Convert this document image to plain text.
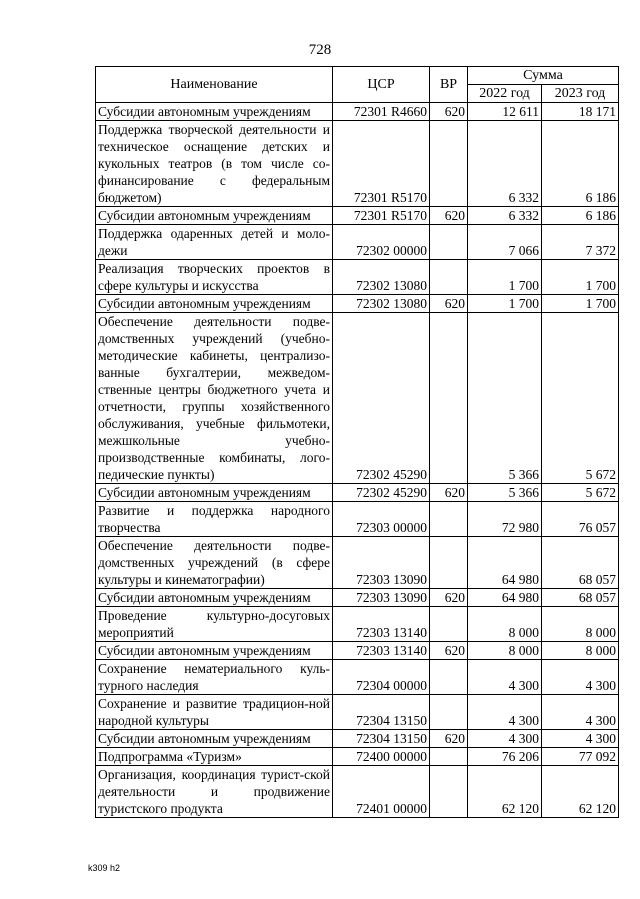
728
Наименование	ЦСР	ВР	Сумма	
			2022 год	2023 год
Субсидии автономным учреждениям	72301 R4660	620	12 611	18 171
Поддержка творческой деятельности и техническое оснащение детских и кукольных театров (в том числе со-финансирование с федеральным бюджетом)	72301 R5170		6 332	6 186
Субсидии автономным учреждениям	72301 R5170	620	6 332	6 186
Поддержка одаренных детей и моло-дежи	72302 00000		7 066	7 372
Реализация творческих проектов в сфере культуры и искусства	72302 13080		1 700	1 700
Субсидии автономным учреждениям	72302 13080	620	1 700	1 700
Обеспечение деятельности подве-домственных учреждений (учебно-методические кабинеты, централизо-ванные бухгалтерии, межведом-ственные центры бюджетного учета и отчетности, группы хозяйственного обслуживания, учебные фильмотеки, межшкольные учебно-производственные комбинаты, лого-педические пункты)	72302 45290		5 366	5 672
Субсидии автономным учреждениям	72302 45290	620	5 366	5 672
Развитие и поддержка народного творчества	72303 00000		72 980	76 057
Обеспечение деятельности подве-домственных учреждений (в сфере культуры и кинематографии)	72303 13090		64 980	68 057
Субсидии автономным учреждениям	72303 13090	620	64 980	68 057
Проведение культурно-досуговых мероприятий	72303 13140		8 000	8 000
Субсидии автономным учреждениям	72303 13140	620	8 000	8 000
Сохранение нематериального куль-турного наследия	72304 00000		4 300	4 300
Сохранение и развитие традицион-ной народной культуры	72304 13150		4 300	4 300
Субсидии автономным учреждениям	72304 13150	620	4 300	4 300
Подпрограмма «Туризм»	72400 00000		76 206	77 092
Организация, координация турист-ской деятельности и продвижение туристского продукта	72401 00000		62 120	62 120
k309 h2
